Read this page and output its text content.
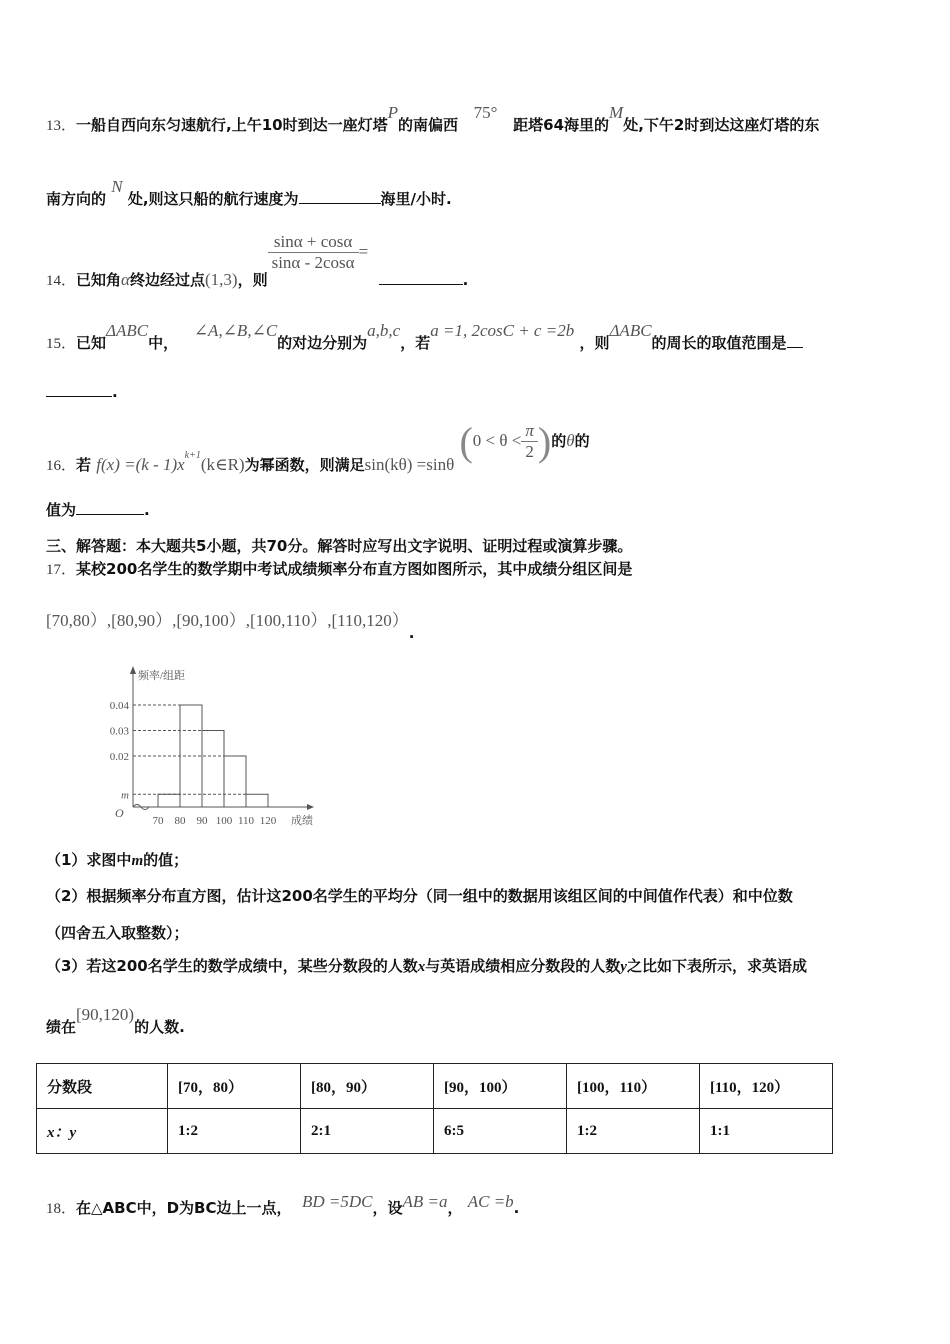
13．一船自西向东匀速航行,上午10时到达一座灯塔P的南偏西   75°   距塔64海里的M处,下午2时到达这座灯塔的东
南方向的 N 处,则这只船的航行速度为	海里/小时.
14．已知角α终边经过点(1,3)，则
$\frac{\sin\alpha + \cos\alpha}{\sin\alpha - 2\cos\alpha}$ =  .
15．已知ΔABC中，   ∠A,∠B,∠C的对边分别为a,b,c，若a =1, 2cosC + c =2b ，则ΔABC的周长的取值范围是
.
16．若 $f(x) =(k - 1)x^{k+1}(k\in R)$为幂函数，则满足sin(kθ) =sinθ ($0 < \theta < \frac{\pi}{2}$ )的θ的
值为	.
三、解答题：本大题共5小题，共70分。解答时应写出文字说明、证明过程或演算步骤。
17．某校200名学生的数学期中考试成绩频率分布直方图如图所示，其中成绩分组区间是
[70,80）,[80,90）,[90,100）,[100,110）,[110,120）.
频率/组距
O
成绩
0.04
0.03
0.02
m
70 80 90 100 110 120
（1）求图中m的值；
（2）根据频率分布直方图，估计这200名学生的平均分（同一组中的数据用该组区间的中间值作代表）和中位数
（四舍五入取整数）；
（3）若这200名学生的数学成绩中，某些分数段的人数x与英语成绩相应分数段的人数y之比如下表所示，求英语成
绩在[90,120)的人数.
分数段	[70，80）	[80，90）	[90，100）	[100，110）	[110，120）
x：y	1:2	2:1	6:5	1:2	1:1
18．在△ABC中，D为BC边上一点， BD =5DC，设AB =a， AC =b.
